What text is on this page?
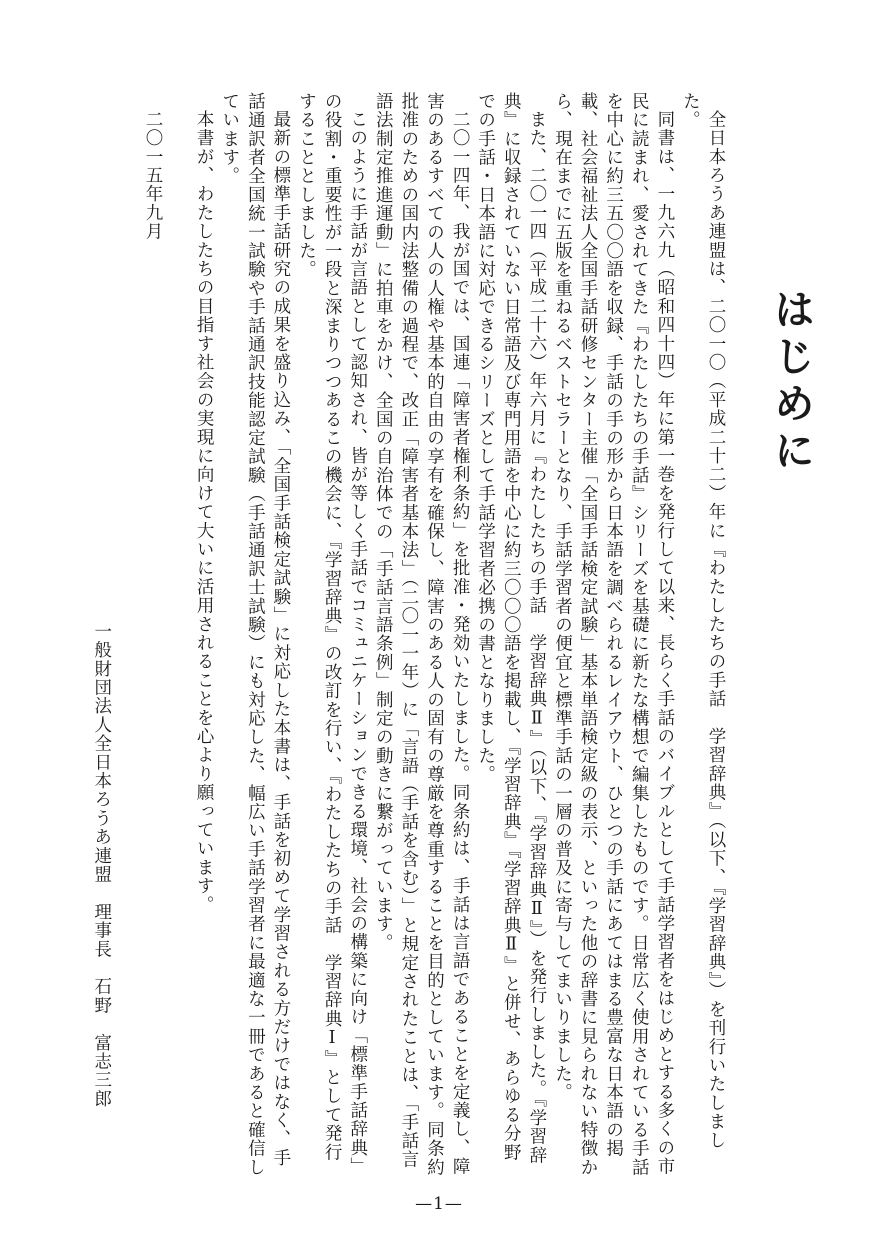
はじめに

全日本ろうあ連盟は、二〇一〇（平成二十二）年に『わたしたちの手話　学習辞典』（以下、『学習辞典』）を刊行いたしました。

同書は、一九六九（昭和四十四）年に第一巻を発行して以来、長らく手話のバイブルとして手話学習者をはじめとする多くの市民に読まれ、愛されてきた『わたしたちの手話』シリーズを基礎に新たな構想で編集したものです。日常広く使用されている手話を中心に約三五〇〇語を収録、手話の手の形から日本語を調べられるレイアウト、ひとつの手話にあてはまる豊富な日本語の掲載、社会福祉法人全国手話研修センター主催「全国手話検定試験」基本単語検定級の表示、といった他の辞書に見られない特徴から、現在までに五版を重ねるベストセラーとなり、手話学習者の便宜と標準手話の一層の普及に寄与してまいりました。

また、二〇一四（平成二十六）年六月に『わたしたちの手話　学習辞典Ⅱ』（以下、『学習辞典Ⅱ』）を発行しました。『学習辞典』に収録されていない日常語及び専門用語を中心に約三〇〇〇語を掲載し、『学習辞典』『学習辞典Ⅱ』と併せ、あらゆる分野での手話・日本語に対応できるシリーズとして手話学習者必携の書となりました。

二〇一四年、我が国では、国連「障害者権利条約」を批准・発効いたしました。同条約は、手話は言語であることを定義し、障害のあるすべての人の人権や基本的自由の享有を確保し、障害のある人の固有の尊厳を尊重することを目的としています。同条約批准のための国内法整備の過程で、改正「障害者基本法」（二〇一一年）に「言語（手話を含む）」と規定されたことは、「手話言語法制定推進運動」に拍車をかけ、全国の自治体での「手話言語条例」制定の動きに繋がっています。

このように手話が言語として認知され、皆が等しく手話でコミュニケーションできる環境、社会の構築に向け「標準手話辞典」の役割・重要性が一段と深まりつつあるこの機会に、『学習辞典』の改訂を行い、『わたしたちの手話　学習辞典Ⅰ』として発行することとしました。

最新の標準手話研究の成果を盛り込み、「全国手話検定試験」に対応した本書は、手話を初めて学習される方だけではなく、手話通訳者全国統一試験や手話通訳技能認定試験（手話通訳士試験）にも対応した、幅広い手話学習者に最適な一冊であると確信しています。

本書が、わたしたちの目指す社会の実現に向けて大いに活用されることを心より願っています。

二〇一五年九月

一般財団法人全日本ろうあ連盟　理事長　石野　富志三郎

—1—
